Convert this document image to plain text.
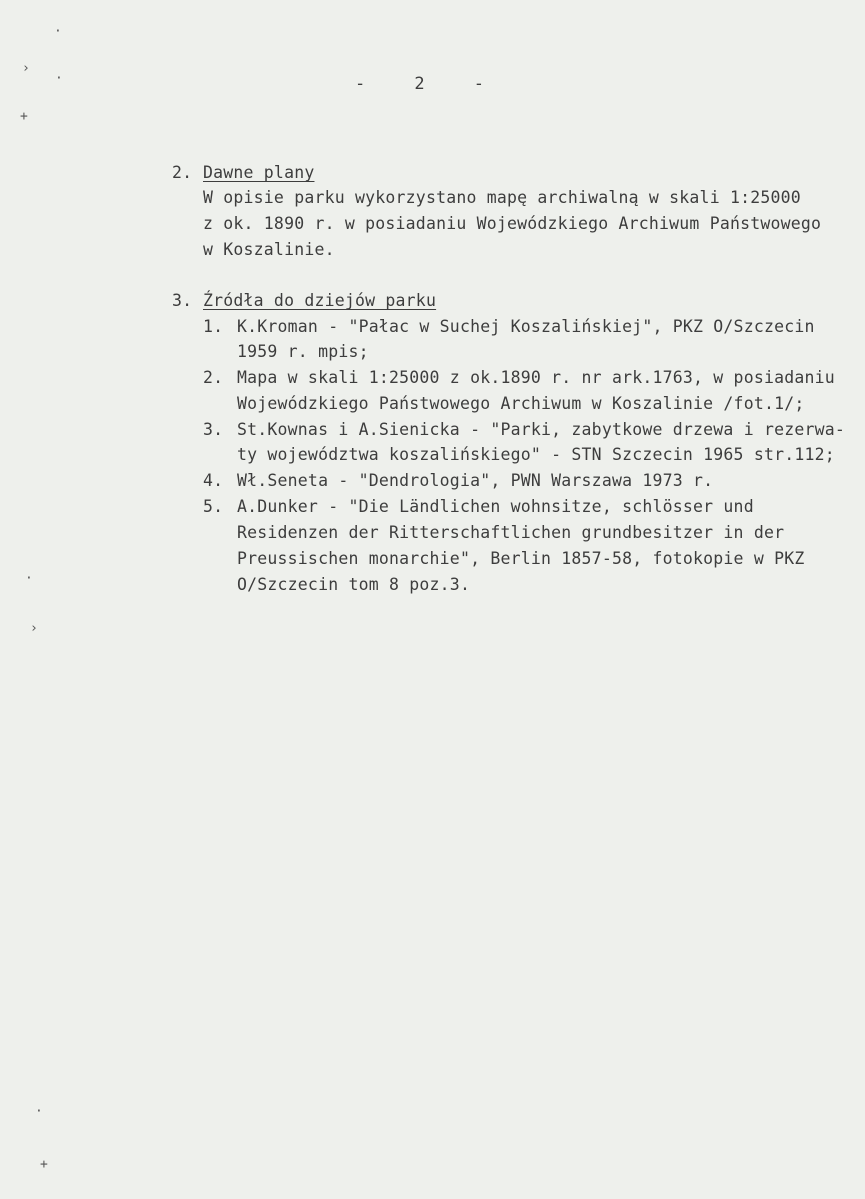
·
›
·
+
·
›
·
+
-	2	-
2. Dawne plany
W opisie parku wykorzystano mapę archiwalną w skali 1:25000
z ok. 1890 r. w posiadaniu Wojewódzkiego Archiwum Państwowego
w Koszalinie.
3. Źródła do dziejów parku
1. K.Kroman - "Pałac w Suchej Koszalińskiej", PKZ O/Szczecin
1959 r. mpis;
2. Mapa w skali 1:25000 z ok.1890 r. nr ark.1763, w posiadaniu
Wojewódzkiego Państwowego Archiwum w Koszalinie /fot.1/;
3. St.Kownas i A.Sienicka - "Parki, zabytkowe drzewa i rezerwa-
ty województwa koszalińskiego" - STN Szczecin 1965 str.112;
4. Wł.Seneta - "Dendrologia", PWN Warszawa 1973 r.
5. A.Dunker - "Die Ländlichen wohnsitze, schlösser und
Residenzen der Ritterschaftlichen grundbesitzer in der
Preussischen monarchie", Berlin 1857-58, fotokopie w PKZ
O/Szczecin tom 8 poz.3.
